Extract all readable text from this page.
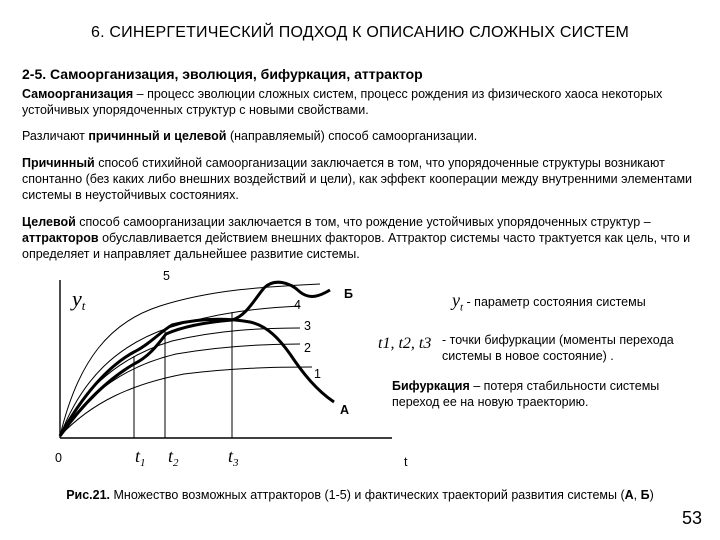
6. СИНЕРГЕТИЧЕСКИЙ ПОДХОД К ОПИСАНИЮ СЛОЖНЫХ СИСТЕМ
2-5. Самоорганизация, эволюция, бифуркация, аттрактор
Самоорганизация – процесс эволюции сложных систем, процесс рождения из физического хаоса некоторых устойчивых упорядоченных структур с новыми свойствами.
Различают причинный и целевой (направляемый) способ самоорганизации.
Причинный способ стихийной самоорганизации заключается в том, что упорядоченные структуры возникают спонтанно (без каких либо внешних воздействий и цели), как эффект кооперации между внутренними элементами системы в неустойчивых состояниях.
Целевой способ самоорганизации заключается в том, что рождение устойчивых упорядоченных структур – аттракторов обуславливается действием внешних факторов. Аттрактор системы часто трактуется как цель, что и определяет и направляет дальнейшее развитие системы.
yt
0	t
5
4
3
2
1
Б
А
$t_1$ $t_2$	$t_3$
$y_t$ - параметр состояния системы
- точки бифуркации (моменты перехода системы в новое состояние) .
t1, t2, t3
Бифуркация – потеря стабильности системы переход ее на новую траекторию.
Рис.21. Множество возможных аттракторов (1-5) и фактических траекторий развития системы (А, Б)
53
